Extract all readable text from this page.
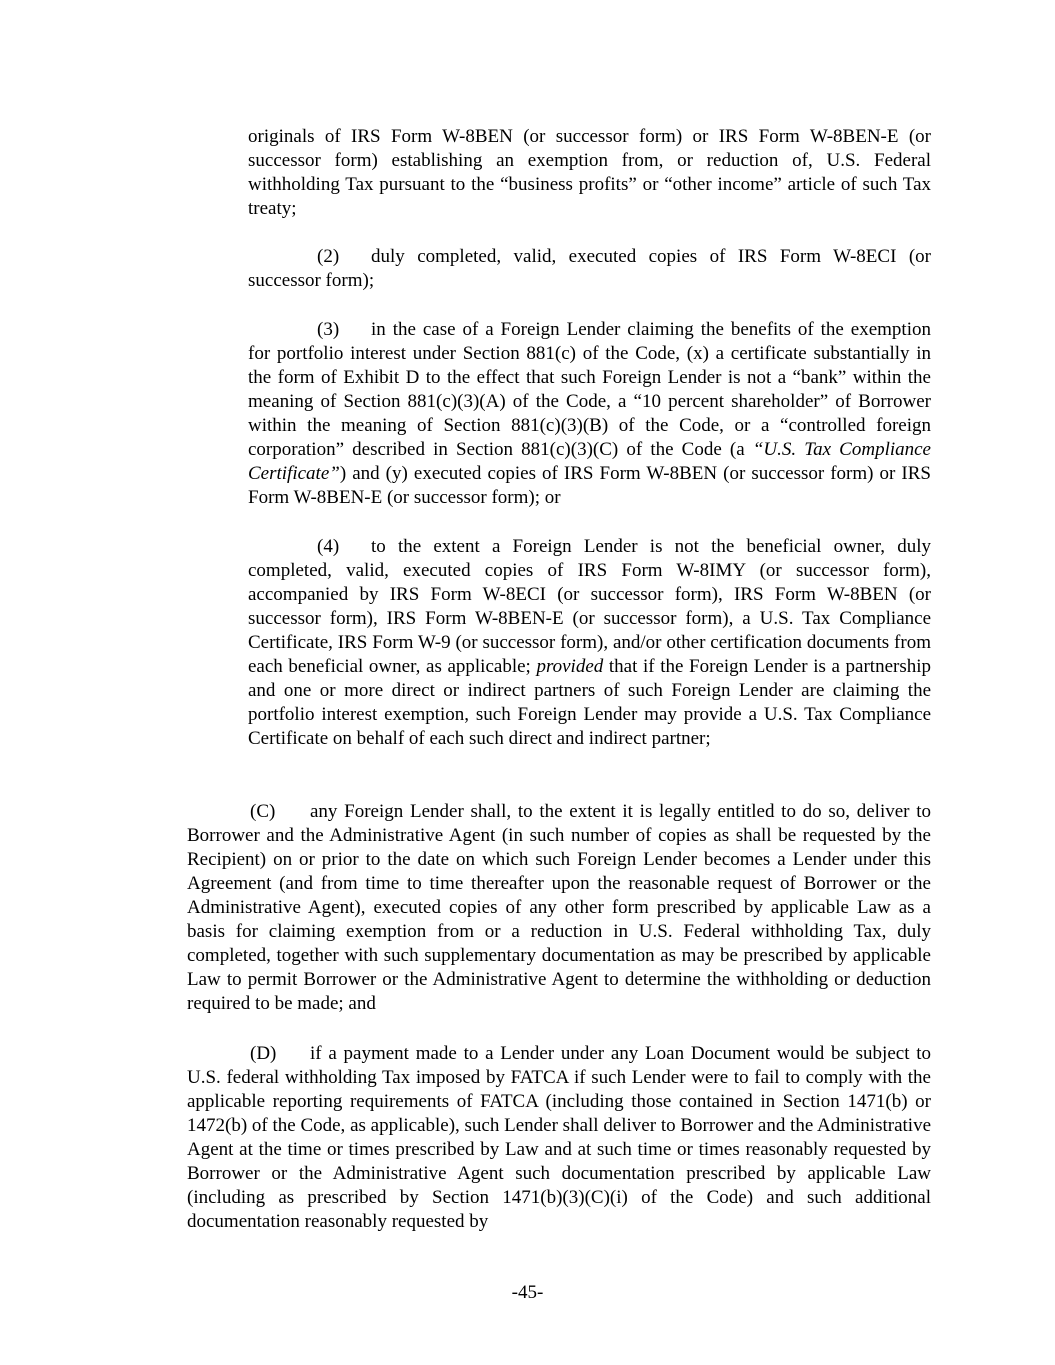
originals of IRS Form W-8BEN (or successor form) or IRS Form W-8BEN-E (or successor form) establishing an exemption from, or reduction of, U.S. Federal withholding Tax pursuant to the “business profits” or “other income” article of such Tax treaty;

(2) duly completed, valid, executed copies of IRS Form W-8ECI (or successor form);

(3) in the case of a Foreign Lender claiming the benefits of the exemption for portfolio interest under Section 881(c) of the Code, (x) a certificate substantially in the form of Exhibit D to the effect that such Foreign Lender is not a “bank” within the meaning of Section 881(c)(3)(A) of the Code, a “10 percent shareholder” of Borrower within the meaning of Section 881(c)(3)(B) of the Code, or a “controlled foreign corporation” described in Section 881(c)(3)(C) of the Code (a “U.S. Tax Compliance Certificate”) and (y) executed copies of IRS Form W-8BEN (or successor form) or IRS Form W-8BEN-E (or successor form); or

(4) to the extent a Foreign Lender is not the beneficial owner, duly completed, valid, executed copies of IRS Form W-8IMY (or successor form), accompanied by IRS Form W-8ECI (or successor form), IRS Form W-8BEN (or successor form), IRS Form W-8BEN-E (or successor form), a U.S. Tax Compliance Certificate, IRS Form W-9 (or successor form), and/or other certification documents from each beneficial owner, as applicable; provided that if the Foreign Lender is a partnership and one or more direct or indirect partners of such Foreign Lender are claiming the portfolio interest exemption, such Foreign Lender may provide a U.S. Tax Compliance Certificate on behalf of each such direct and indirect partner;

(C) any Foreign Lender shall, to the extent it is legally entitled to do so, deliver to Borrower and the Administrative Agent (in such number of copies as shall be requested by the Recipient) on or prior to the date on which such Foreign Lender becomes a Lender under this Agreement (and from time to time thereafter upon the reasonable request of Borrower or the Administrative Agent), executed copies of any other form prescribed by applicable Law as a basis for claiming exemption from or a reduction in U.S. Federal withholding Tax, duly completed, together with such supplementary documentation as may be prescribed by applicable Law to permit Borrower or the Administrative Agent to determine the withholding or deduction required to be made; and

(D) if a payment made to a Lender under any Loan Document would be subject to U.S. federal withholding Tax imposed by FATCA if such Lender were to fail to comply with the applicable reporting requirements of FATCA (including those contained in Section 1471(b) or 1472(b) of the Code, as applicable), such Lender shall deliver to Borrower and the Administrative Agent at the time or times prescribed by Law and at such time or times reasonably requested by Borrower or the Administrative Agent such documentation prescribed by applicable Law (including as prescribed by Section 1471(b)(3)(C)(i) of the Code) and such additional documentation reasonably requested by

-45-
